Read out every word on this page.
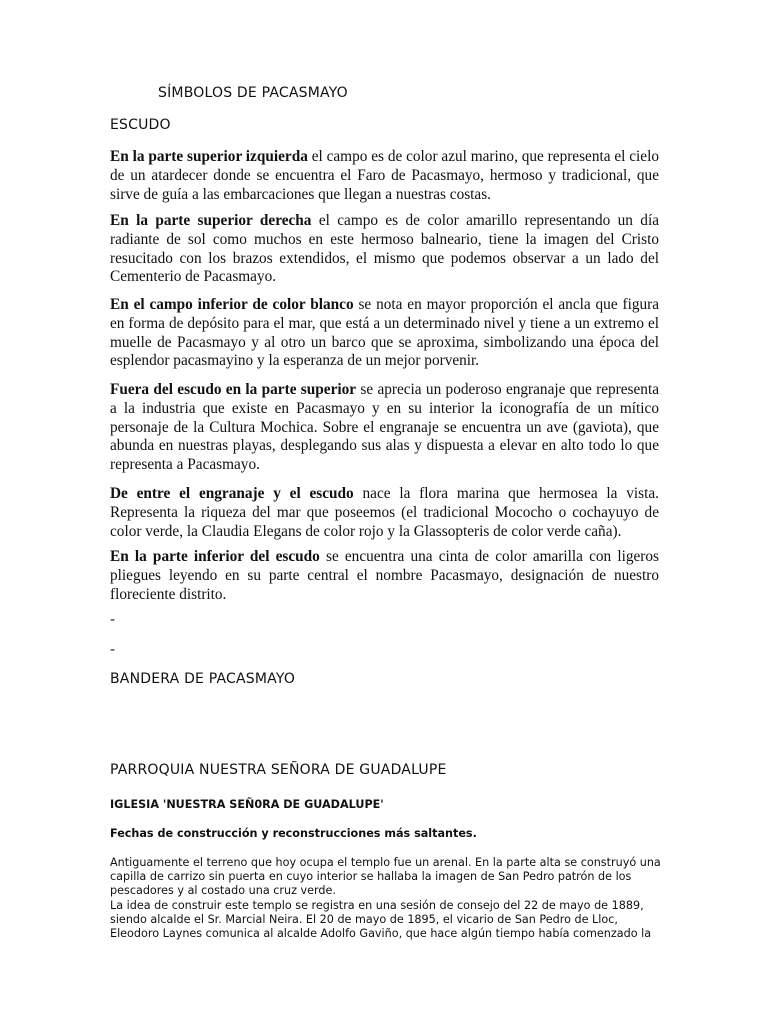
SÍMBOLOS DE PACASMAYO
ESCUDO

En la parte superior izquierda el campo es de color azul marino, que representa el cielo de un atardecer donde se encuentra el Faro de Pacasmayo, hermoso y tradicional, que sirve de guía a las embarcaciones que llegan a nuestras costas.

En la parte superior derecha el campo es de color amarillo representando un día radiante de sol como muchos en este hermoso balneario, tiene la imagen del Cristo resucitado con los brazos extendidos, el mismo que podemos observar a un lado del Cementerio de Pacasmayo.

En el campo inferior de color blanco se nota en mayor proporción el ancla que figura en forma de depósito para el mar, que está a un determinado nivel y tiene a un extremo el muelle de Pacasmayo y al otro un barco que se aproxima, simbolizando una época del esplendor pacasmayino y la esperanza de un mejor porvenir.

Fuera del escudo en la parte superior se aprecia un poderoso engranaje que representa a la industria que existe en Pacasmayo y en su interior la iconografía de un mítico personaje de la Cultura Mochica. Sobre el engranaje se encuentra un ave (gaviota), que abunda en nuestras playas, desplegando sus alas y dispuesta a elevar en alto todo lo que representa a Pacasmayo.

De entre el engranaje y el escudo nace la flora marina que hermosea la vista. Representa la riqueza del mar que poseemos (el tradicional Mococho o cochayuyo de color verde, la Claudia Elegans de color rojo y la Glassopteris de color verde caña).

En la parte inferior del escudo se encuentra una cinta de color amarilla con ligeros pliegues leyendo en su parte central el nombre Pacasmayo, designación de nuestro floreciente distrito.

-

-

BANDERA DE PACASMAYO
PARROQUIA NUESTRA SEÑORA DE GUADALUPE

IGLESIA 'NUESTRA SEÑ0RA DE GUADALUPE'

Fechas de construcción y reconstrucciones más saltantes.

Antiguamente el terreno que hoy ocupa el templo fue un arenal. En la parte alta se construyó una capilla de carrizo sin puerta en cuyo interior se hallaba la imagen de San Pedro patrón de los pescadores y al costado una cruz verde.
La idea de construir este templo se registra en una sesión de consejo del 22 de mayo de 1889, siendo alcalde el Sr. Marcial Neira. El 20 de mayo de 1895, el vicario de San Pedro de Lloc, Eleodoro Laynes comunica al alcalde Adolfo Gaviño, que hace algún tiempo había comenzado la
